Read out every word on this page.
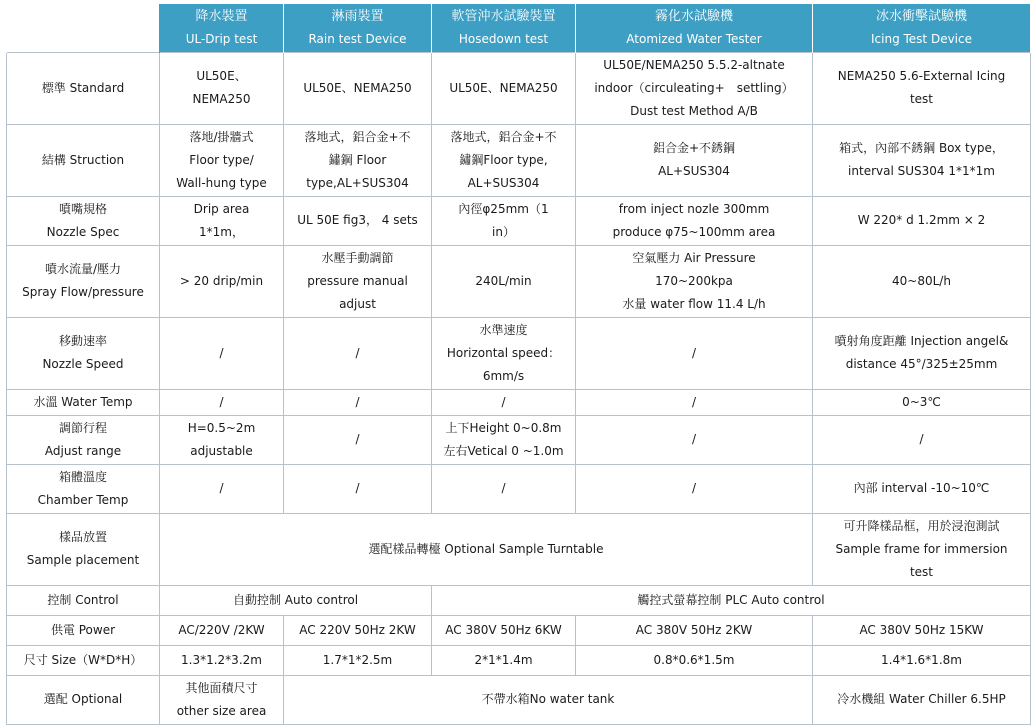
	降水裝置
UL-Drip test	淋雨裝置
Rain test Device	軟管沖水試驗裝置
Hosedown test	霧化水試驗機
Atomized Water Tester	冰水衝擊試驗機
Icing Test Device

標準 Standard	UL50E、
NEMA250	UL50E、NEMA250	UL50E、NEMA250	UL50E/NEMA250 5.5.2-altnate
indoor（circuleating+　settling）
Dust test Method A/B	NEMA250 5.6-External Icing
test

結構 Struction	落地/掛牆式
Floor type/
Wall-hung type	落地式，鋁合金+不
鏽鋼 Floor
type,AL+SUS304	落地式，鋁合金+不
鏽鋼Floor type,
AL+SUS304	鋁合金+不銹鋼
AL+SUS304	箱式，內部不銹鋼 Box type，
interval SUS304 1*1*1m

噴嘴規格
Nozzle Spec	Drip area
1*1m，	UL 50E fig3， 4 sets	內徑φ25mm（1
in）	from inject nozle 300mm
produce φ75~100mm area	W 220* d 1.2mm × 2

噴水流量/壓力
Spray Flow/pressure	> 20 drip/min	水壓手動調節
pressure manual
adjust	240L/min	空氣壓力 Air Pressure
170~200kpa
水量 water flow 11.4 L/h	40~80L/h

移動速率
Nozzle Speed	/	/	水準速度
Horizontal speed：
6mm/s	/	噴射角度距離 Injection angel&
distance 45°/325±25mm

水溫 Water Temp	/	/	/	/	0~3℃

調節行程
Adjust range	H=0.5~2m
adjustable	/	上下Height 0~0.8m
左右Vetical 0 ~1.0m	/	/

箱體溫度
Chamber Temp	/	/	/	/	內部 interval -10~10℃

樣品放置
Sample placement	選配樣品轉檯 Optional Sample Turntable				可升降樣品框，用於浸泡測試
Sample frame for immersion
test

控制 Control	自動控制 Auto control		觸控式螢幕控制 PLC Auto control		

供電 Power	AC/220V /2KW	AC 220V 50Hz 2KW	AC 380V 50Hz 6KW	AC 380V 50Hz 2KW	AC 380V 50Hz 15KW

尺寸 Size（W*D*H）	1.3*1.2*3.2m	1.7*1*2.5m	2*1*1.4m	0.8*0.6*1.5m	1.4*1.6*1.8m

選配 Optional	其他面積尺寸
other size area	不帶水箱No water tank			冷水機組 Water Chiller 6.5HP
